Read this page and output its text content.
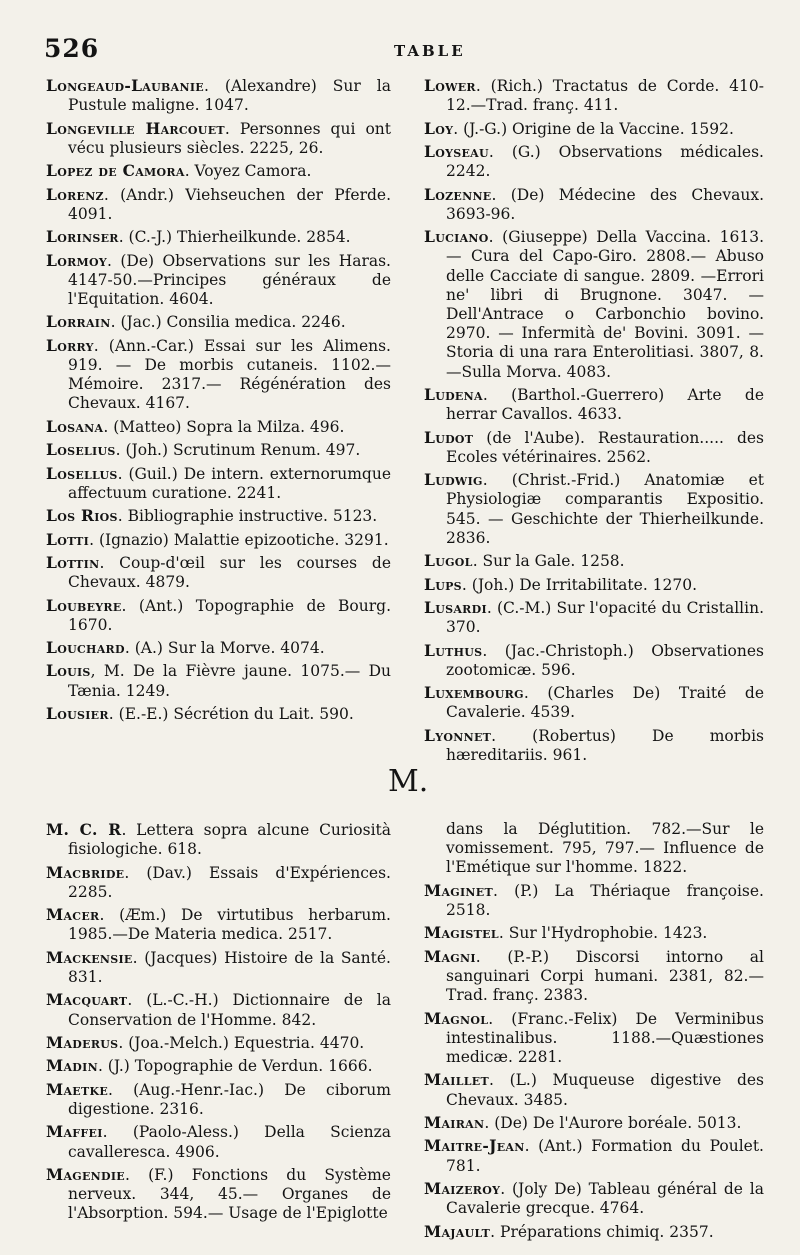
526	TABLE
Longeaud-Laubanie. (Alexandre) Sur la Pustule maligne. 1047.
Longeville Harcouet. Personnes qui ont vécu plusieurs siècles. 2225, 26.
Lopez de Camora. Voyez Camora.
Lorenz. (Andr.) Viehseuchen der Pferde. 4091.
Lorinser. (C.-J.) Thierheilkunde. 2854.
Lormoy. (De) Observations sur les Haras. 4147-50.—Principes généraux de l'Equitation. 4604.
Lorrain. (Jac.) Consilia medica. 2246.
Lorry. (Ann.-Car.) Essai sur les Alimens. 919. — De morbis cutaneis. 1102.—Mémoire. 2317.— Régénération des Chevaux. 4167.
Losana. (Matteo) Sopra la Milza. 496.
Loselius. (Joh.) Scrutinum Renum. 497.
Losellus. (Guil.) De intern. externorumque affectuum curatione. 2241.
Los Rios. Bibliographie instructive. 5123.
Lotti. (Ignazio) Malattie epizootiche. 3291.
Lottin. Coup-d'œil sur les courses de Chevaux. 4879.
Loubeyre. (Ant.) Topographie de Bourg. 1670.
Louchard. (A.) Sur la Morve. 4074.
Louis, M. De la Fièvre jaune. 1075.— Du Tænia. 1249.
Lousier. (E.-E.) Sécrétion du Lait. 590.
Lower. (Rich.) Tractatus de Corde. 410-12.—Trad. franç. 411.
Loy. (J.-G.) Origine de la Vaccine. 1592.
Loyseau. (G.) Observations médicales. 2242.
Lozenne. (De) Médecine des Chevaux. 3693-96.
Luciano. (Giuseppe) Della Vaccina. 1613.— Cura del Capo-Giro. 2808.— Abuso delle Cacciate di sangue. 2809. —Errori ne' libri di Brugnone. 3047. —Dell'Antrace o Carbonchio bovino. 2970. — Infermità de' Bovini. 3091. — Storia di una rara Enterolitiasi. 3807, 8.—Sulla Morva. 4083.
Ludena. (Barthol.-Guerrero) Arte de herrar Cavallos. 4633.
Ludot (de l'Aube). Restauration..... des Ecoles vétérinaires. 2562.
Ludwig. (Christ.-Frid.) Anatomiæ et Physiologiæ comparantis Expositio. 545. — Geschichte der Thierheilkunde. 2836.
Lugol. Sur la Gale. 1258.
Lups. (Joh.) De Irritabilitate. 1270.
Lusardi. (C.-M.) Sur l'opacité du Cristallin. 370.
Luthus. (Jac.-Christoph.) Observationes zootomicæ. 596.
Luxembourg. (Charles De) Traité de Cavalerie. 4539.
Lyonnet. (Robertus) De morbis hæreditariis. 961.
M.
M. C. R. Lettera sopra alcune Curiosità fisiologiche. 618.
Macbride. (Dav.) Essais d'Expériences. 2285.
Macer. (Æm.) De virtutibus herbarum. 1985.—De Materia medica. 2517.
Mackensie. (Jacques) Histoire de la Santé. 831.
Macquart. (L.-C.-H.) Dictionnaire de la Conservation de l'Homme. 842.
Maderus. (Joa.-Melch.) Equestria. 4470.
Madin. (J.) Topographie de Verdun. 1666.
Maetke. (Aug.-Henr.-Iac.) De ciborum digestione. 2316.
Maffei. (Paolo-Aless.) Della Scienza cavalleresca. 4906.
Magendie. (F.) Fonctions du Système nerveux. 344, 45.— Organes de l'Absorption. 594.— Usage de l'Epiglotte
dans la Déglutition. 782.—Sur le vomissement. 795, 797.— Influence de l'Emétique sur l'homme. 1822.
Maginet. (P.) La Thériaque françoise. 2518.
Magistel. Sur l'Hydrophobie. 1423.
Magni. (P.-P.) Discorsi intorno al sanguinari Corpi humani. 2381, 82.— Trad. franç. 2383.
Magnol. (Franc.-Felix) De Verminibus intestinalibus. 1188.—Quæstiones medicæ. 2281.
Maillet. (L.) Muqueuse digestive des Chevaux. 3485.
Mairan. (De) De l'Aurore boréale. 5013.
Maitre-Jean. (Ant.) Formation du Poulet. 781.
Maizeroy. (Joly De) Tableau général de la Cavalerie grecque. 4764.
Majault. Préparations chimiq. 2357.
